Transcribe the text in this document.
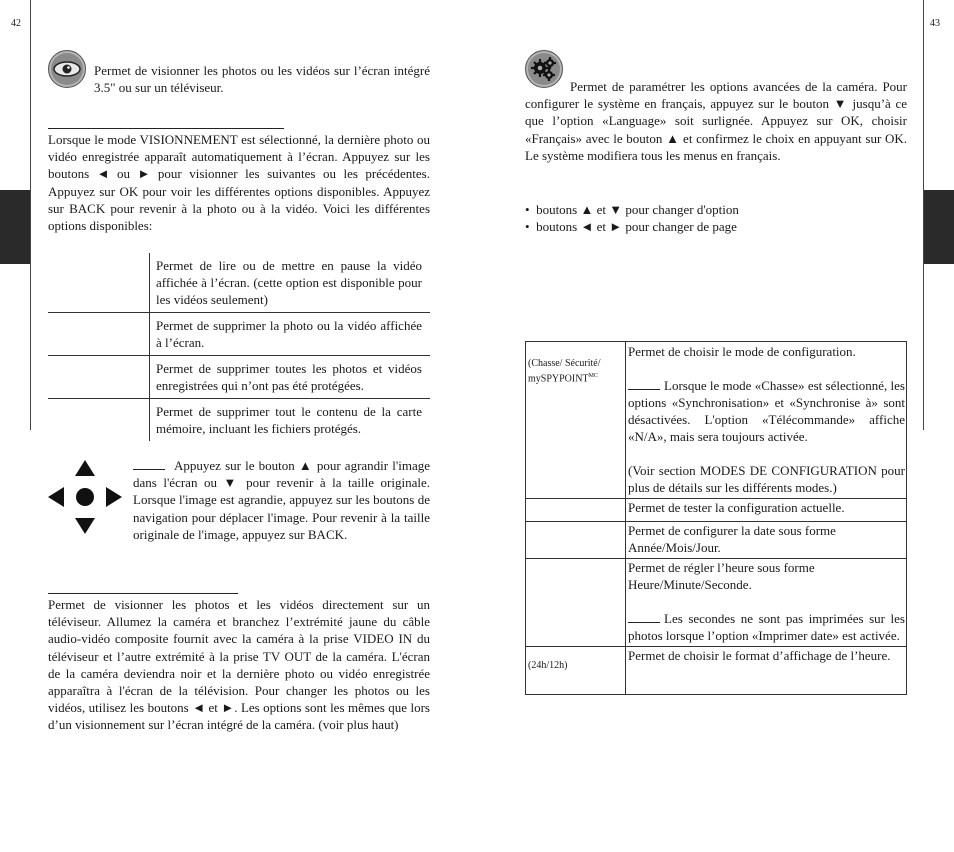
42	43
Permet de visionner les photos ou les vidéos sur l’écran intégré 3.5" ou sur un téléviseur.
Lorsque le mode VISIONNEMENT est sélectionné, la dernière photo ou vidéo enregistrée apparaît automatiquement à l’écran. Appuyez sur les boutons ◄ ou ► pour visionner les suivantes ou les précédentes. Appuyez sur OK pour voir les différentes options disponibles. Appuyez sur BACK pour revenir à la photo ou à la vidéo. Voici les différentes options disponibles:
	Permet de lire ou de mettre en pause la vidéo affichée à l’écran. (cette option est disponible pour les vidéos seulement)
	Permet de supprimer la photo ou la vidéo affichée à l’écran.
	Permet de supprimer toutes les photos et vidéos enregistrées qui n’ont pas été protégées.
	Permet de supprimer tout le contenu de la carte mémoire, incluant les fichiers protégés.
Appuyez sur le bouton ▲ pour agrandir l'image dans l'écran ou ▼ pour revenir à la taille originale. Lorsque l'image est agrandie, appuyez sur les boutons de navigation pour déplacer l'image. Pour revenir à la taille originale de l'image, appuyez sur BACK.
Permet de visionner les photos et les vidéos directement sur un téléviseur. Allumez la caméra et branchez l’extrémité jaune du câble audio-vidéo composite fournit avec la caméra à la prise VIDEO IN du téléviseur et l’autre extrémité à la prise TV OUT de la caméra. L'écran de la caméra deviendra noir et la dernière photo ou vidéo enregistrée apparaîtra à l'écran de la télévision. Pour changer les photos ou les vidéos, utilisez les boutons ◄ et ►. Les options sont les mêmes que lors d’un visionnement sur l’écran intégré de la caméra. (voir plus haut)
Permet de paramétrer les options avancées de la caméra. Pour configurer le système en français, appuyez sur le bouton ▼ jusqu’à ce que l’option «Language» soit surlignée. Appuyez sur OK, choisir «Français» avec le bouton ▲ et confirmez le choix en appuyant sur OK. Le système modifiera tous les menus en français.
•  boutons ▲ et ▼ pour changer d'option
•  boutons ◄ et ► pour changer de page
(Chasse/ Sécurité/ mySPYPOINT$^{MC}$	Permet de choisir le mode de configuration.
Lorsque le mode «Chasse» est sélectionné, les options «Synchronisation» et «Synchronise à» sont désactivées. L'option «Télécommande» affiche «N/A», mais sera toujours activée.
(Voir section MODES DE CONFIGURATION pour plus de détails sur les différents modes.)

	Permet de tester la configuration actuelle.
	Permet de configurer la date sous forme Année/Mois/Jour.

	Permet de régler l’heure sous forme Heure/Minute/Seconde.
Les secondes ne sont pas imprimées sur les photos lorsque l’option «Imprimer date» est activée.

(24h/12h)	Permet de choisir le format d’affichage de l’heure.
